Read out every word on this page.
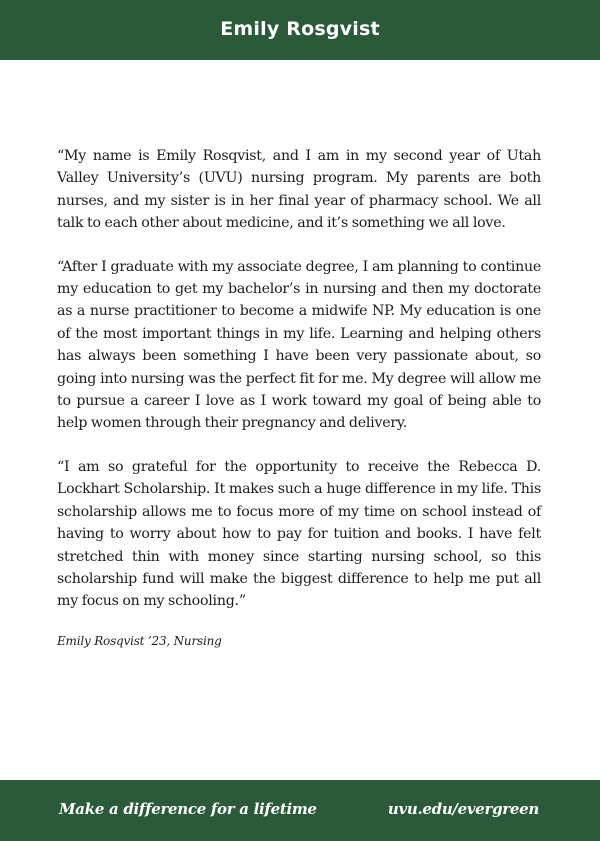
Emily Rosgvist

“My name is Emily Rosqvist, and I am in my second year of Utah Valley University’s (UVU) nursing program. My parents are both nurses, and my sister is in her final year of pharmacy school. We all talk to each other about medicine, and it’s something we all love.

“After I graduate with my associate degree, I am planning to continue my education to get my bachelor’s in nursing and then my doctorate as a nurse practitioner to become a midwife NP. My education is one of the most important things in my life. Learning and helping others has always been something I have been very passionate about, so going into nursing was the perfect fit for me. My degree will allow me to pursue a career I love as I work toward my goal of being able to help women through their pregnancy and delivery.

“I am so grateful for the opportunity to receive the Rebecca D. Lockhart Scholarship. It makes such a huge difference in my life. This scholarship allows me to focus more of my time on school instead of having to worry about how to pay for tuition and books. I have felt stretched thin with money since starting nursing school, so this scholarship fund will make the biggest difference to help me put all my focus on my schooling.”

Emily Rosqvist ’23, Nursing
Make a difference for a lifetime	uvu.edu/evergreen
